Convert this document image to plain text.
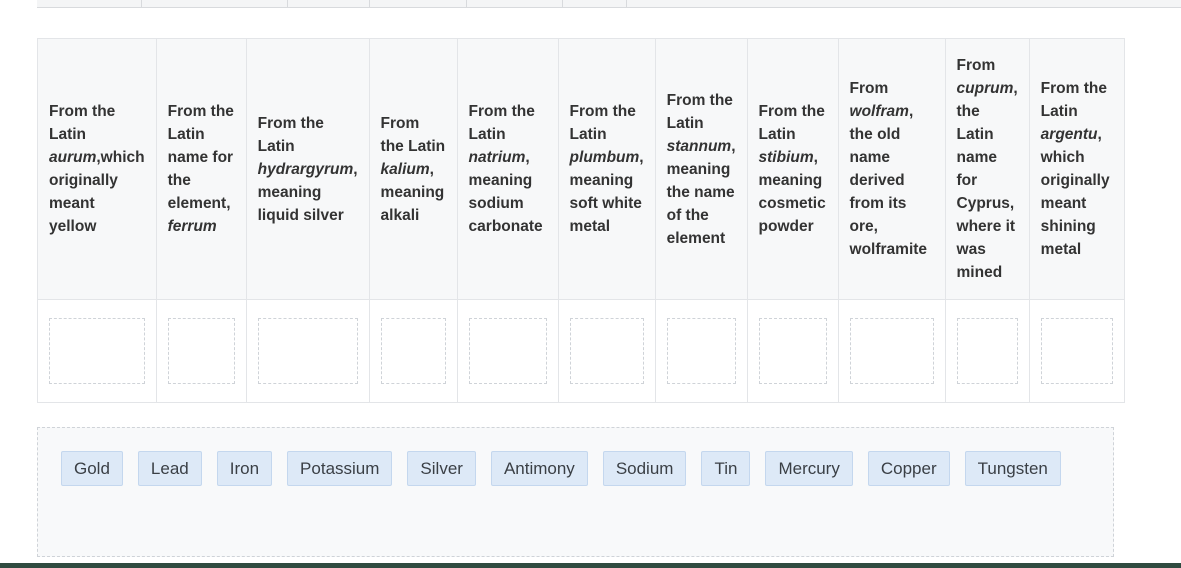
From the Latin aurum,which originally meant yellow	From the Latin name for the element, ferrum	From the Latin hydrargyrum, meaning liquid silver	From the Latin kalium, meaning alkali	From the Latin natrium, meaning sodium carbonate	From the Latin plumbum, meaning soft white metal	From the Latin stannum, meaning the name of the element	From the Latin stibium, meaning cosmetic powder	From wolfram, the old name derived from its ore, wolframite	From cuprum, the Latin name for Cyprus, where it was mined	From the Latin argentu, which originally meant shining metal

Gold	Lead	Iron	Potassium	Silver	Antimony	Sodium	Tin	Mercury	Copper	Tungsten
